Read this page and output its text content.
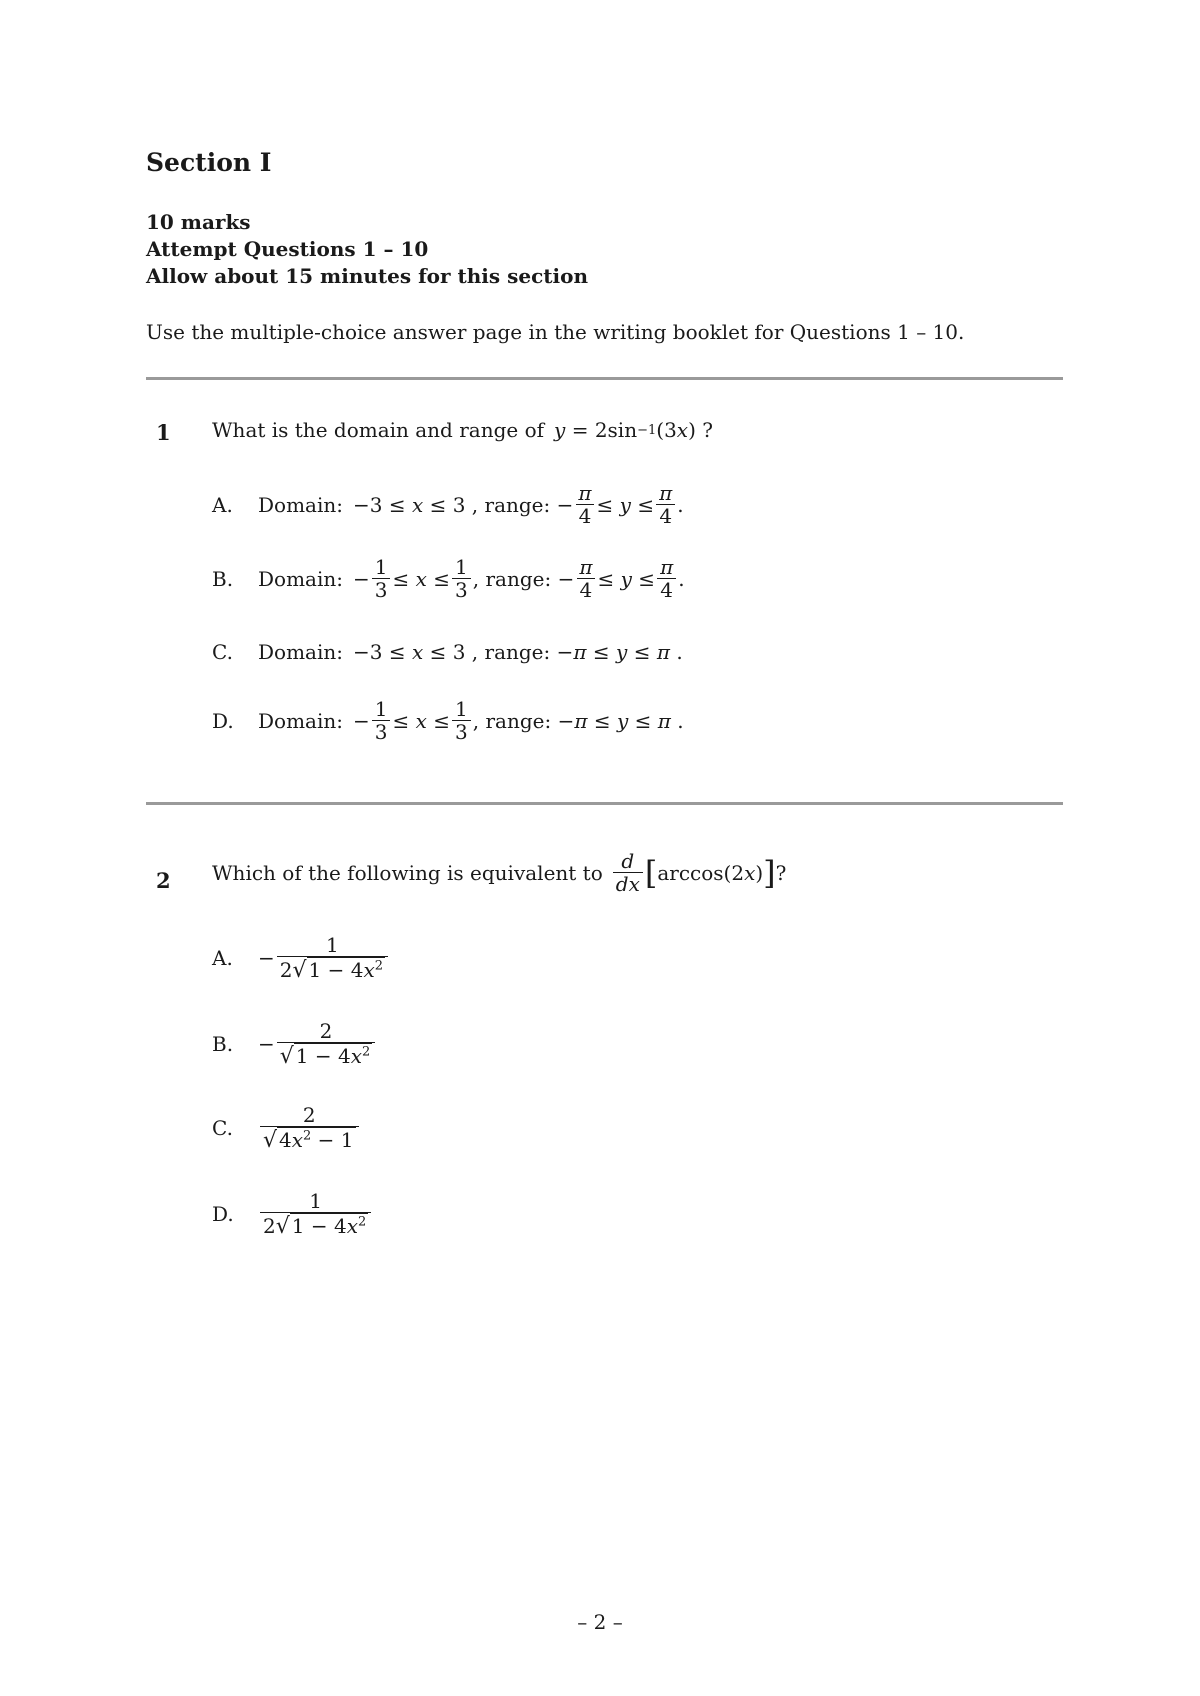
Section I
10 marks
Attempt Questions 1 – 10
Allow about 15 minutes for this section
Use the multiple-choice answer page in the writing booklet for Questions 1 – 10.
1 What is the domain and range of y = 2sin −1 (3 x ) ?
A.	Domain: −3 ≤ x ≤ 3 , range: − $\frac{\pi}{4} \le y \le \frac{\pi}{4}$ .
B.	Domain: − $\frac{1}{3} \le x \le \frac{1}{3}$ , range: − $\frac{\pi}{4} \le y \le \frac{\pi}{4}$ .
C.	Domain: −3 ≤ x ≤ 3 , range: − π ≤ y ≤ π .
D.	Domain: − $\frac{1}{3} \le x \le \frac{1}{3}$ , range: − π ≤ y ≤ π .
2 Which of the following is equivalent to $\frac{d}{dx}$ [ arccos(2 x ) ] ?
A.	− $\frac{1}{2 √ 1 - 4x^2}$
B.	− $\frac{2}{√ 1 - 4x^2}$
C.	$\frac{2}{√ 4x^2 - 1}$
D.	$\frac{1}{2 √ 1 - 4x^2}$
– 2 –
